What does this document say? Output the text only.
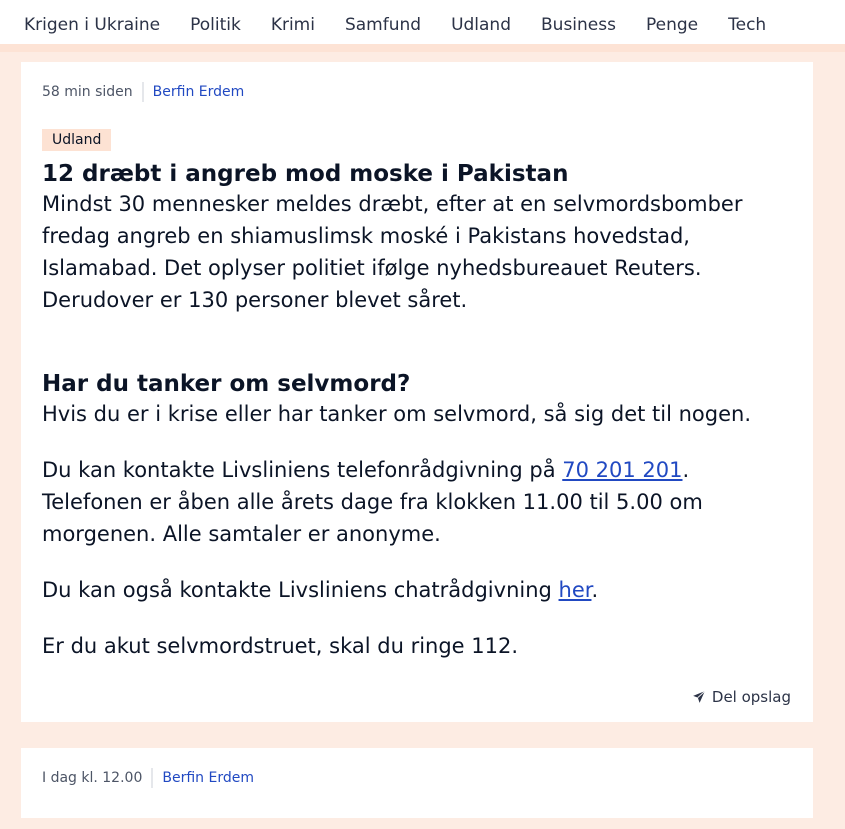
Krigen i Ukraine Politik Krimi Samfund Udland Business Penge Tech
58 min siden	Berfin Erdem
Udland
12 dræbt i angreb mod moske i Pakistan

Mindst 30 mennesker meldes dræbt, efter at en selvmordsbomber fredag angreb en shiamuslimsk moské i Pakistans hovedstad, Islamabad. Det oplyser politiet ifølge nyhedsbureauet Reuters. Derudover er 130 personer blevet såret.

Har du tanker om selvmord?

Hvis du er i krise eller har tanker om selvmord, så sig det til nogen.

Du kan kontakte Livsliniens telefonrådgivning på 70 201 201. Telefonen er åben alle årets dage fra klokken 11.00 til 5.00 om morgenen. Alle samtaler er anonyme.

Du kan også kontakte Livsliniens chatrådgivning her.

Er du akut selvmordstruet, skal du ringe 112.

Del opslag
I dag kl. 12.00	Berfin Erdem
